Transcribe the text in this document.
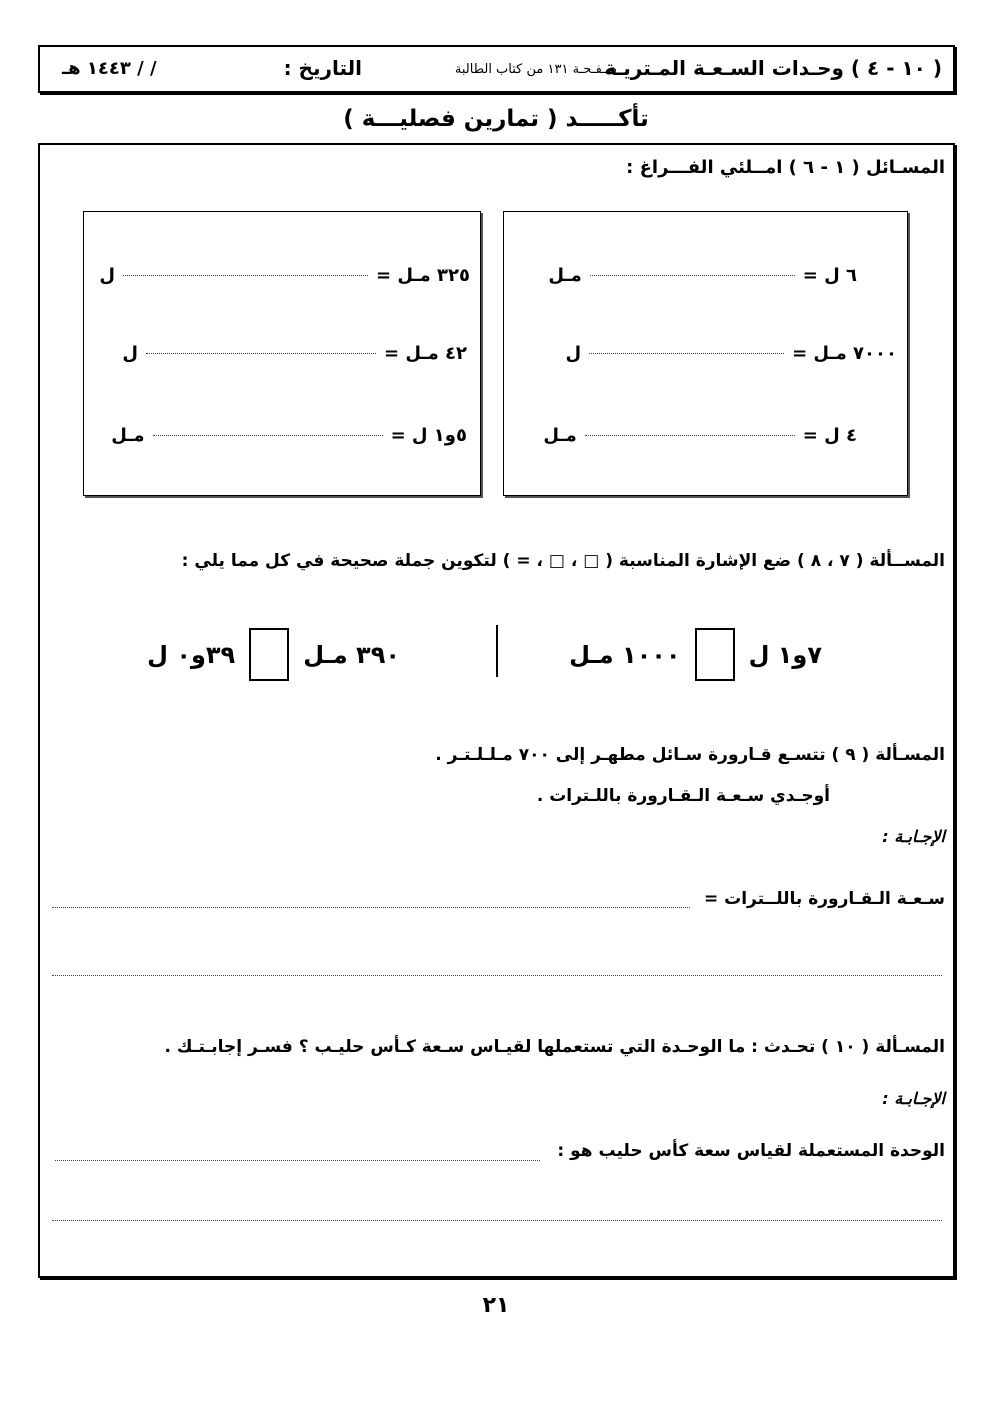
( ١٠ - ٤ ) وحـدات السـعـة المـتريـة
صـفـحـة ١٣١ من كتاب الطالبة
التاريخ :
/ / ١٤٤٣ هـ
تأكـــــد ( تمارين فصليـــة )
المسـائل ( ١ - ٦ ) امــلئي الفـــراغ :
٦ ل =
مـل
٧٠٠٠ مـل =
ل
٤ ل =
مـل
٣٢٥ مـل =
ل
٤٢ مـل =
ل
٥و١ ل =
مـل
المســألة ( ٧ ، ٨ ) ضع الإشارة المناسبة ( □ ، □ ، = ) لتكوين جملة صحيحة في كل مما يلي :
٧و١ ل
١٠٠٠ مـل
٣٩٠ مـل
٣٩و٠ ل
المسـألة ( ٩ ) تتسـع قـارورة سـائل مطهـر إلى ٧٠٠ مـلـلـتـر .
أوجـدي سـعـة الـقـارورة باللـترات .
الإجـابـة :
سـعـة الـقـارورة باللــترات =
المسـألة ( ١٠ ) تحـدث : ما الوحـدة التي تستعملها لقيـاس سـعة كـأس حليـب ؟ فسـر إجابـتـك .
الإجـابـة :
الوحدة المستعملة لقياس سعة كأس حليب هو :
٢١
